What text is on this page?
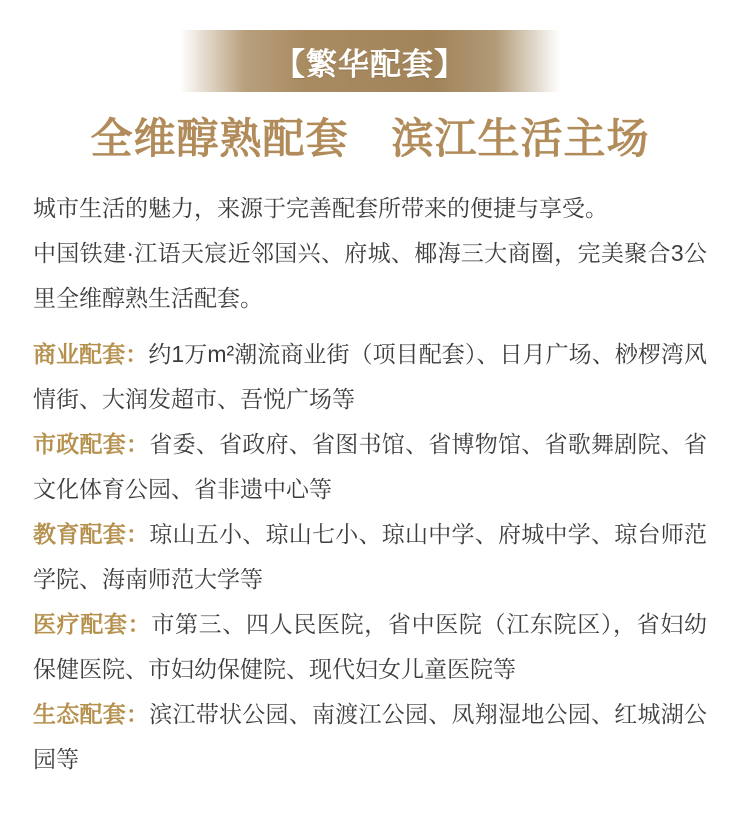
【繁华配套】
全维醇熟配套　滨江生活主场

城市生活的魅力，来源于完善配套所带来的便捷与享受。

中国铁建·江语天宸近邻国兴、府城、椰海三大商圈，完美聚合3公里全维醇熟生活配套。

商业配套：约1万m²潮流商业街（项目配套）、日月广场、桫椤湾风情街、大润发超市、吾悦广场等

市政配套：省委、省政府、省图书馆、省博物馆、省歌舞剧院、省文化体育公园、省非遗中心等

教育配套：琼山五小、琼山七小、琼山中学、府城中学、琼台师范学院、海南师范大学等

医疗配套：市第三、四人民医院，省中医院（江东院区），省妇幼保健医院、市妇幼保健院、现代妇女儿童医院等

生态配套：滨江带状公园、南渡江公园、凤翔湿地公园、红城湖公园等
